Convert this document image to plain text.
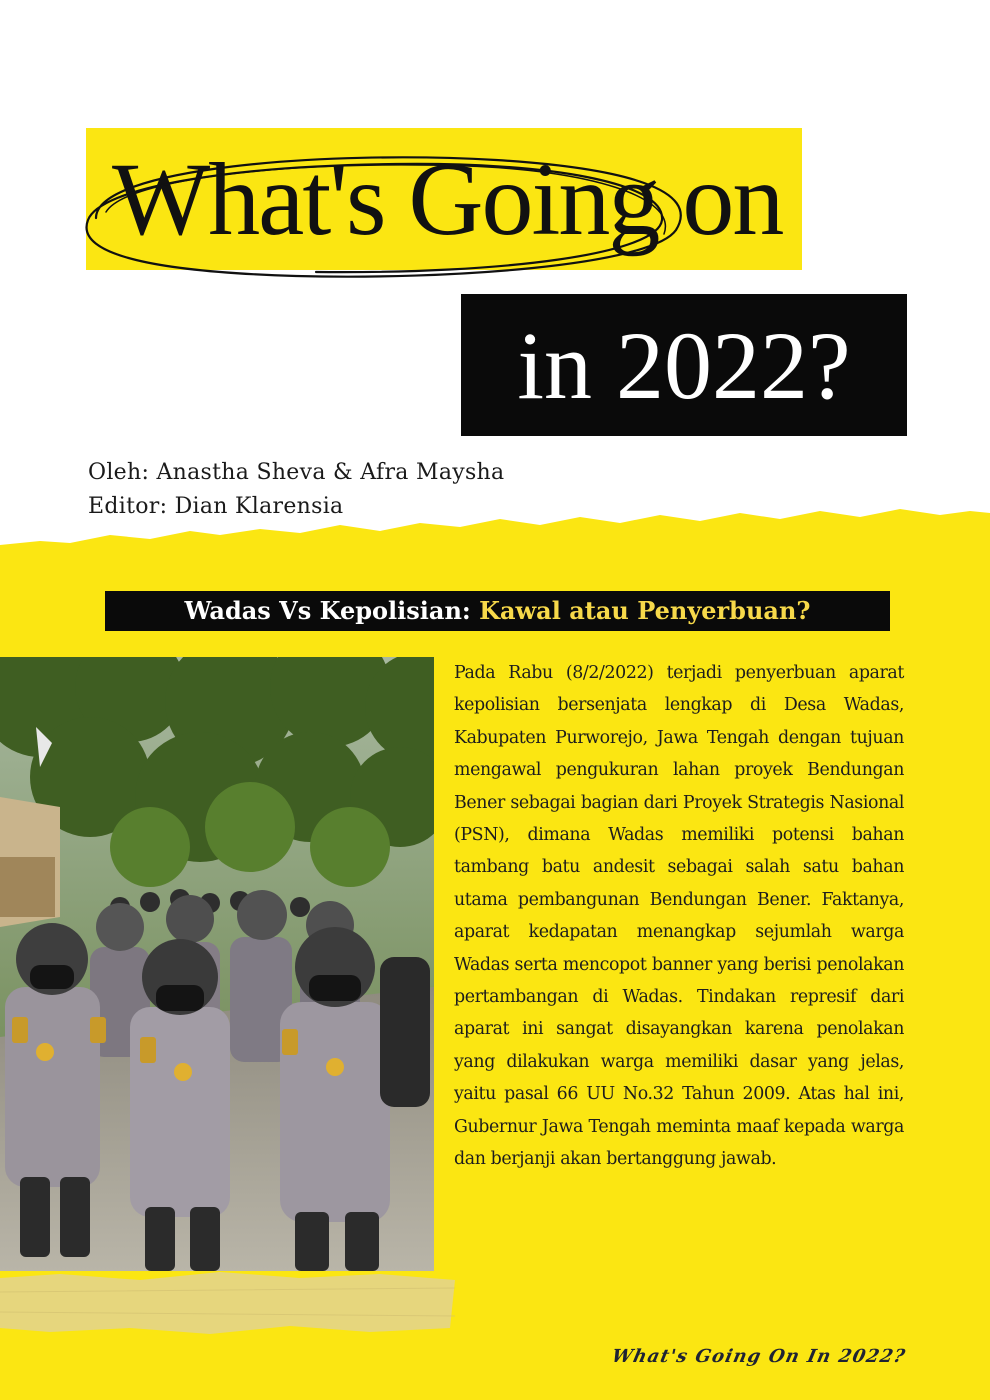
What's Going on
in 2022?
Oleh: Anastha Sheva & Afra Maysha
Editor: Dian Klarensia
Wadas Vs Kepolisian: Kawal atau Penyerbuan?
Pada Rabu (8/2/2022) terjadi penyerbuan aparat kepolisian bersenjata lengkap di Desa Wadas, Kabupaten Purworejo, Jawa Tengah dengan tujuan mengawal pengukuran lahan proyek Bendungan Bener sebagai bagian dari Proyek Strategis Nasional (PSN), dimana Wadas memiliki potensi bahan tambang batu andesit sebagai salah satu bahan utama pembangunan Bendungan Bener. Faktanya, aparat kedapatan menangkap sejumlah warga Wadas serta mencopot banner yang berisi penolakan pertambangan di Wadas. Tindakan represif dari aparat ini sangat disayangkan karena penolakan yang dilakukan warga memiliki dasar yang jelas, yaitu pasal 66 UU No.32 Tahun 2009. Atas hal ini, Gubernur Jawa Tengah meminta maaf kepada warga dan berjanji akan bertanggung jawab.
What's Going On In 2022?
